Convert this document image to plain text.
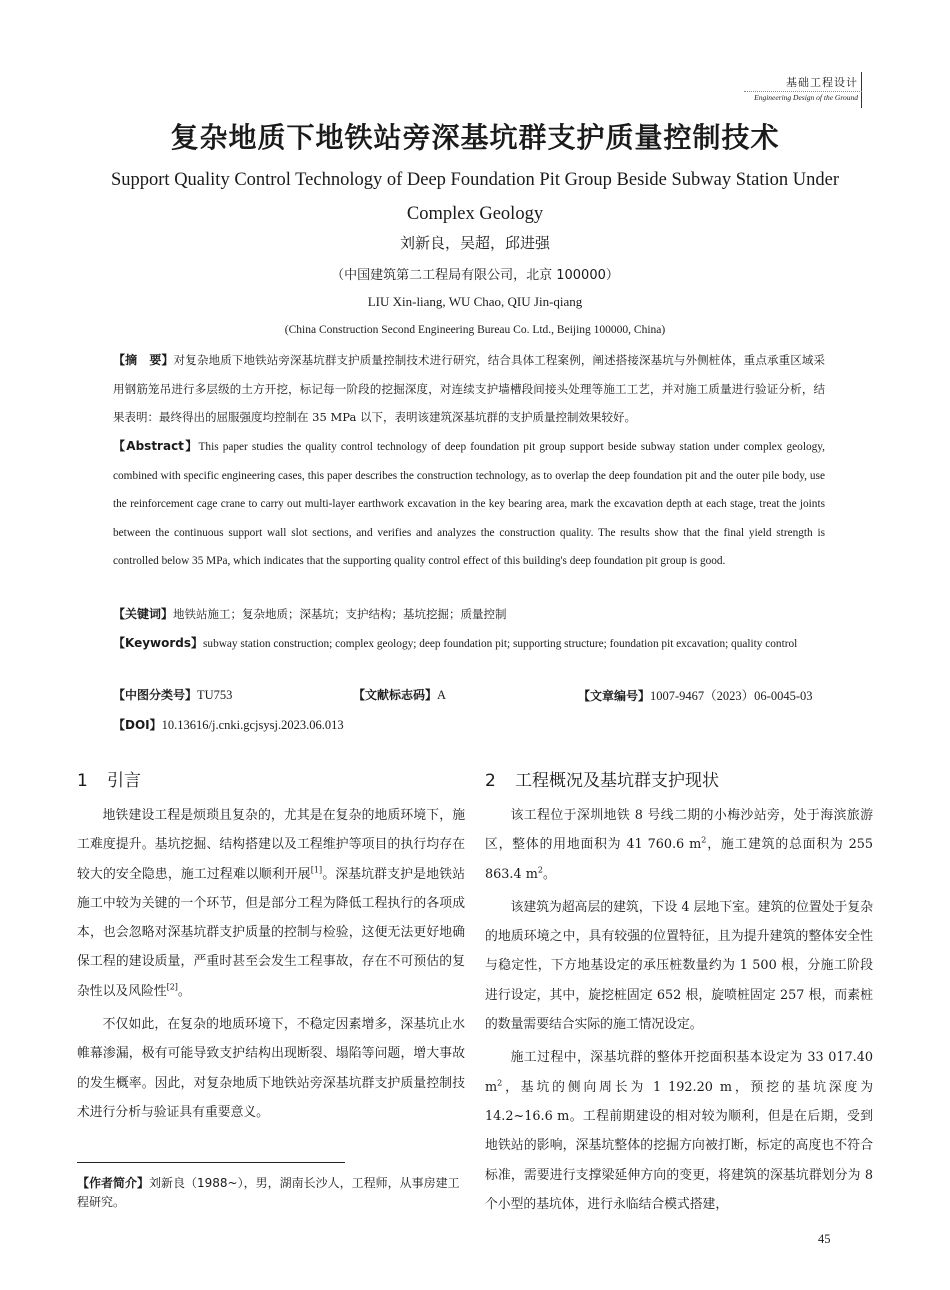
基础工程设计
Engineering Design of the Ground
复杂地质下地铁站旁深基坑群支护质量控制技术
Support Quality Control Technology of Deep Foundation Pit Group Beside Subway Station Under Complex Geology
刘新良，吴超，邱进强
（中国建筑第二工程局有限公司，北京 100000）
LIU Xin-liang, WU Chao, QIU Jin-qiang
(China Construction Second Engineering Bureau Co. Ltd., Beijing 100000, China)
【摘　要】对复杂地质下地铁站旁深基坑群支护质量控制技术进行研究，结合具体工程案例，阐述搭接深基坑与外侧桩体，重点承重区域采用钢筋笼吊进行多层级的土方开挖，标记每一阶段的挖掘深度，对连续支护墙槽段间接头处理等施工工艺，并对施工质量进行验证分析，结果表明：最终得出的屈服强度均控制在 35 MPa 以下，表明该建筑深基坑群的支护质量控制效果较好。
【Abstract】This paper studies the quality control technology of deep foundation pit group support beside subway station under complex geology, combined with specific engineering cases, this paper describes the construction technology, as to overlap the deep foundation pit and the outer pile body, use the reinforcement cage crane to carry out multi-layer earthwork excavation in the key bearing area, mark the excavation depth at each stage, treat the joints between the continuous support wall slot sections, and verifies and analyzes the construction quality. The results show that the final yield strength is controlled below 35 MPa, which indicates that the supporting quality control effect of this building's deep foundation pit group is good.
【关键词】地铁站施工；复杂地质；深基坑；支护结构；基坑挖掘；质量控制
【Keywords】subway station construction; complex geology; deep foundation pit; supporting structure; foundation pit excavation; quality control
【中图分类号】TU753	【文献标志码】A	【文章编号】1007-9467（2023）06-0045-03
【DOI】10.13616/j.cnki.gcjsysj.2023.06.013
1 引言

地铁建设工程是烦琐且复杂的，尤其是在复杂的地质环境下，施工难度提升。基坑挖掘、结构搭建以及工程维护等项目的执行均存在较大的安全隐患，施工过程难以顺利开展[1]。深基坑群支护是地铁站施工中较为关键的一个环节，但是部分工程为降低工程执行的各项成本，也会忽略对深基坑群支护质量的控制与检验，这便无法更好地确保工程的建设质量，严重时甚至会发生工程事故，存在不可预估的复杂性以及风险性[2]。

不仅如此，在复杂的地质环境下，不稳定因素增多，深基坑止水帷幕渗漏，极有可能导致支护结构出现断裂、塌陷等问题，增大事故的发生概率。因此，对复杂地质下地铁站旁深基坑群支护质量控制技术进行分析与验证具有重要意义。

【作者简介】刘新良（1988~），男，湖南长沙人，工程师，从事房建工程研究。
2 工程概况及基坑群支护现状

该工程位于深圳地铁 8 号线二期的小梅沙站旁，处于海滨旅游区，整体的用地面积为 41 760.6 $m^2$，施工建筑的总面积为 255 863.4 $m^2$。

该建筑为超高层的建筑，下设 4 层地下室。建筑的位置处于复杂的地质环境之中，具有较强的位置特征，且为提升建筑的整体安全性与稳定性，下方地基设定的承压桩数量约为 1 500 根，分施工阶段进行设定，其中，旋挖桩固定 652 根，旋喷桩固定 257 根，而素桩的数量需要结合实际的施工情况设定。

施工过程中，深基坑群的整体开挖面积基本设定为 33 017.40 $m^2$，基坑的侧向周长为 1 192.20 m，预挖的基坑深度为 14.2~16.6 m。工程前期建设的相对较为顺利，但是在后期，受到地铁站的影响，深基坑整体的挖掘方向被打断，标定的高度也不符合标准，需要进行支撑梁延伸方向的变更，将建筑的深基坑群划分为 8 个小型的基坑体，进行永临结合模式搭建，

45
